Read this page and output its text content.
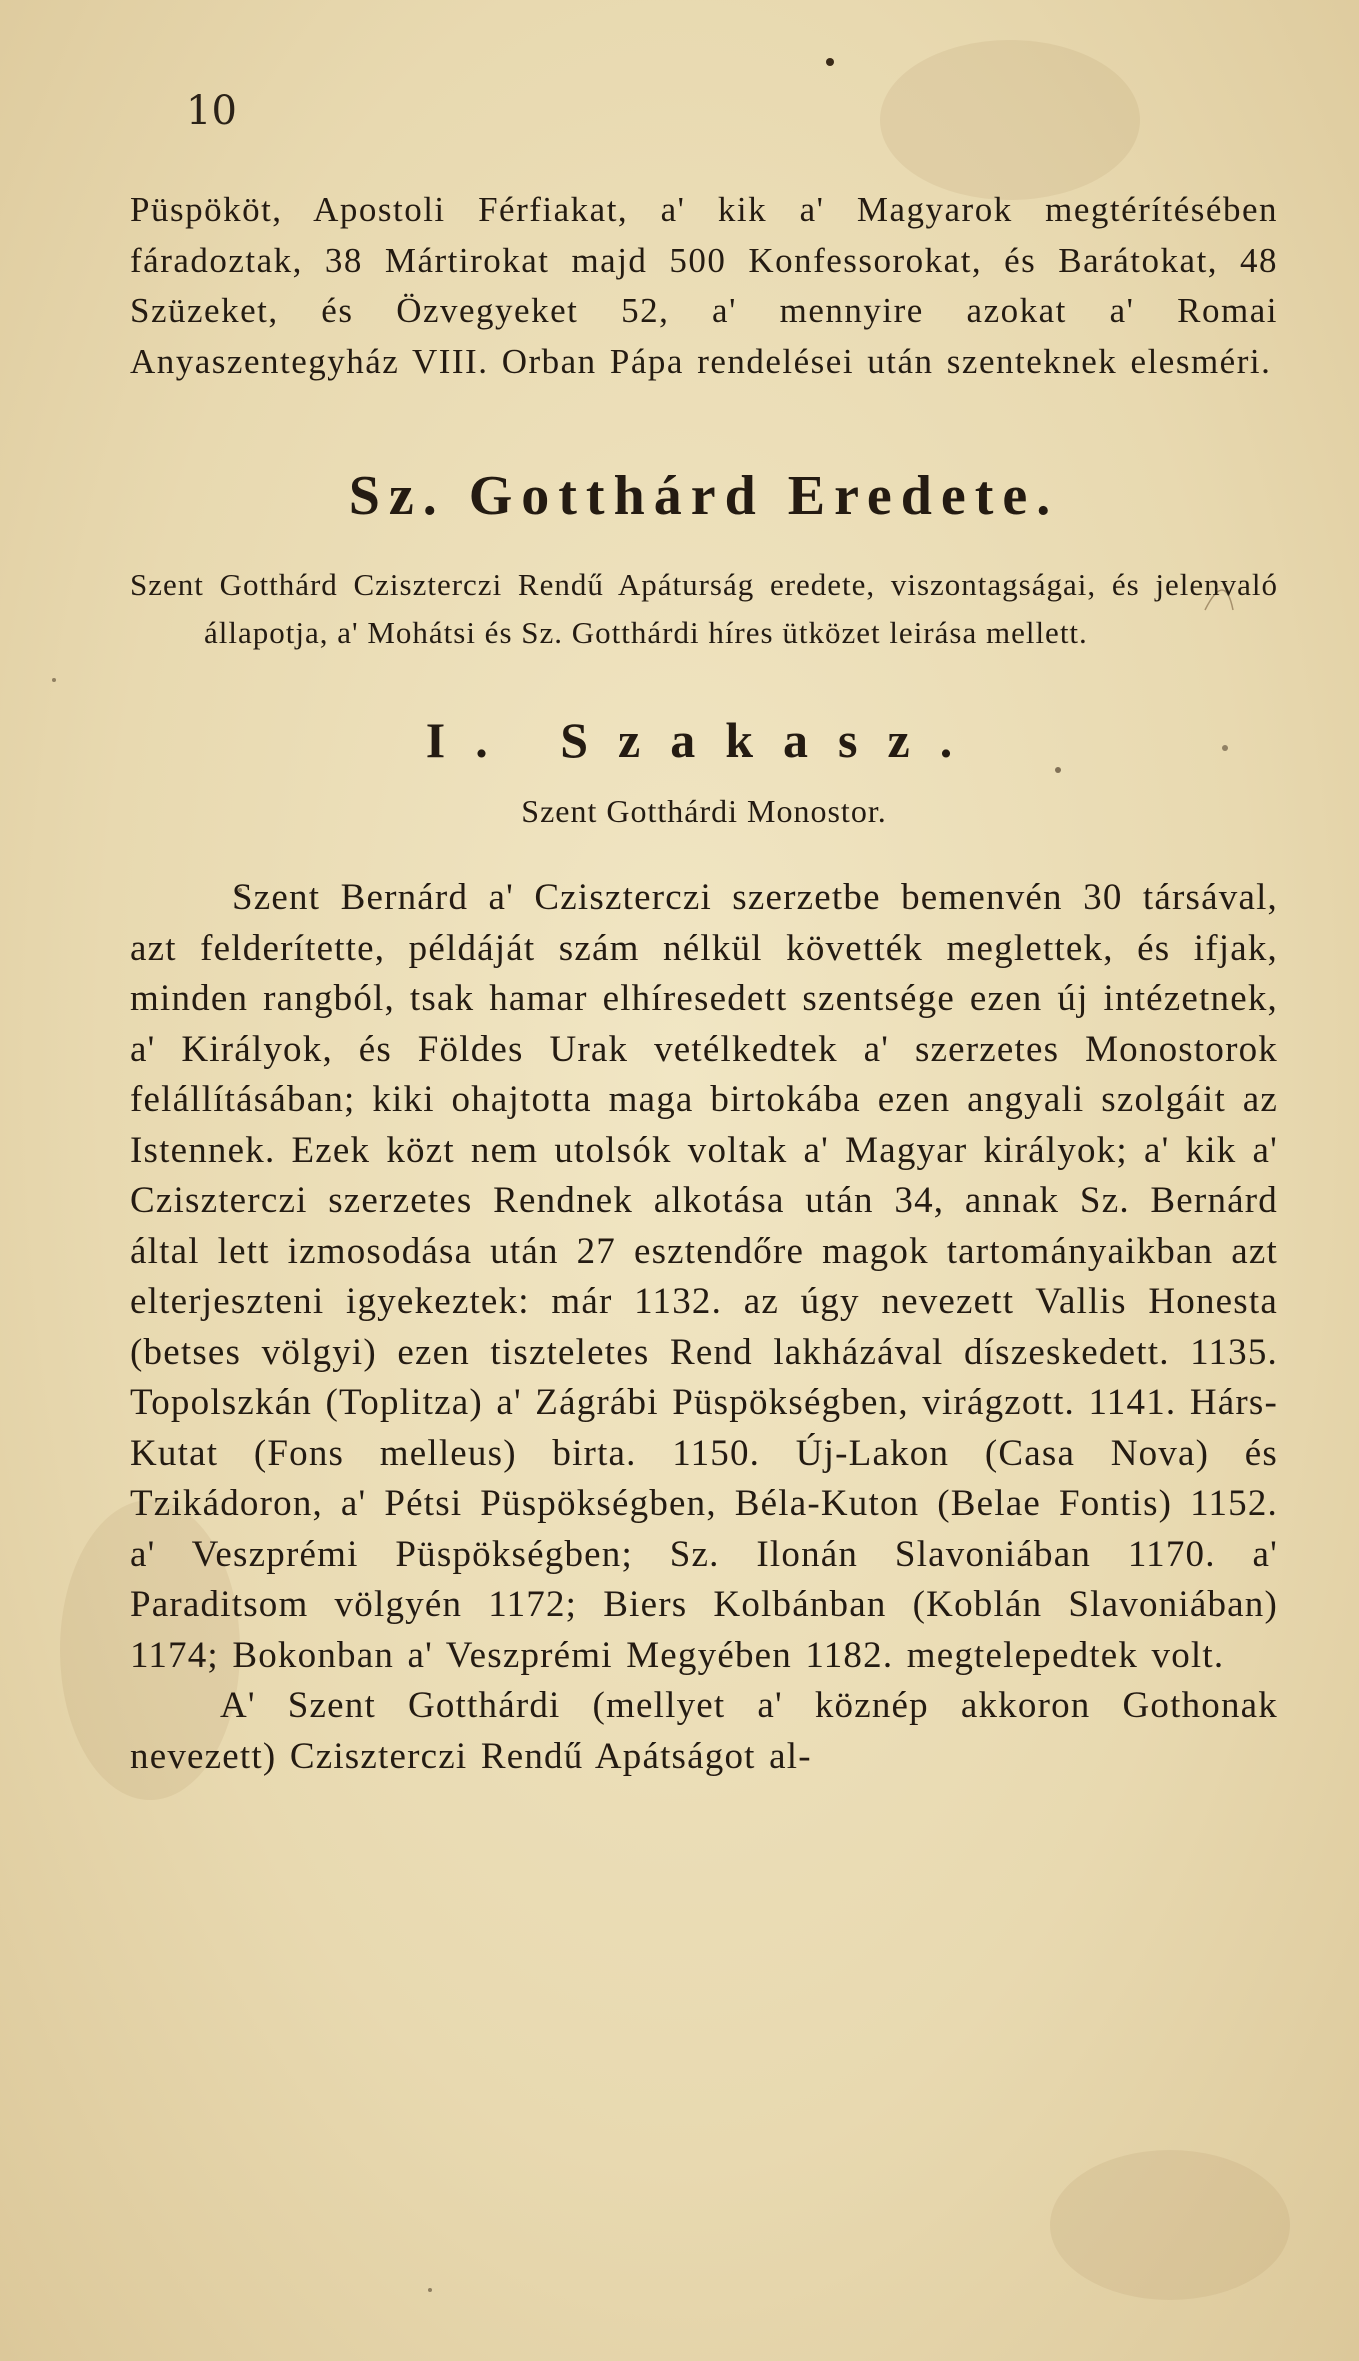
10

Püspököt, Apostoli Férfiakat, a' kik a' Magyarok megtérítésében fáradoztak, 38 Mártirokat majd 500 Konfessorokat, és Barátokat, 48 Szüzeket, és Özvegyeket 52, a' mennyire azokat a' Romai Anyaszentegyház VIII. Orban Pápa rendelései után szenteknek elesméri.

Sz. Gotthárd Eredete.

Szent Gotthárd Cziszterczi Rendű Apáturság eredete, viszontagságai, és jelenvaló állapotja, a' Mohátsi és Sz. Gotthárdi híres ütközet leirása mellett.

I. Szakasz.

Szent Gotthárdi Monostor.

Szent Bernárd a' Cziszterczi szerzetbe bemenvén 30 társával, azt felderítette, példáját szám nélkül követték meglettek, és ifjak, minden rangból, tsak hamar elhíresedett szentsége ezen új intézetnek, a' Királyok, és Földes Urak vetélkedtek a' szerzetes Monostorok felállításában; kiki ohajtotta maga birtokába ezen angyali szolgáit az Istennek. Ezek közt nem utolsók voltak a' Magyar királyok; a' kik a' Cziszterczi szerzetes Rendnek alkotása után 34, annak Sz. Bernárd által lett izmosodása után 27 esztendőre magok tartományaikban azt elterjeszteni igyekeztek: már 1132. az úgy nevezett Vallis Honesta (betses völgyi) ezen tiszteletes Rend lakházával díszeskedett. 1135. Topolszkán (Toplitza) a' Zágrábi Püspökségben, virágzott. 1141. Hárs-Kutat (Fons melleus) birta. 1150. Új-Lakon (Casa Nova) és Tzikádoron, a' Pétsi Püspökségben, Béla-Kuton (Belae Fontis) 1152. a' Veszprémi Püspökségben; Sz. Ilonán Slavoniában 1170. a' Paraditsom völgyén 1172; Biers Kolbánban (Koblán Slavoniában) 1174; Bokonban a' Veszprémi Megyében 1182. megtelepedtek volt.

A' Szent Gotthárdi (mellyet a' köznép akkoron Gothonak nevezett) Cziszterczi Rendű Apátságot al-
